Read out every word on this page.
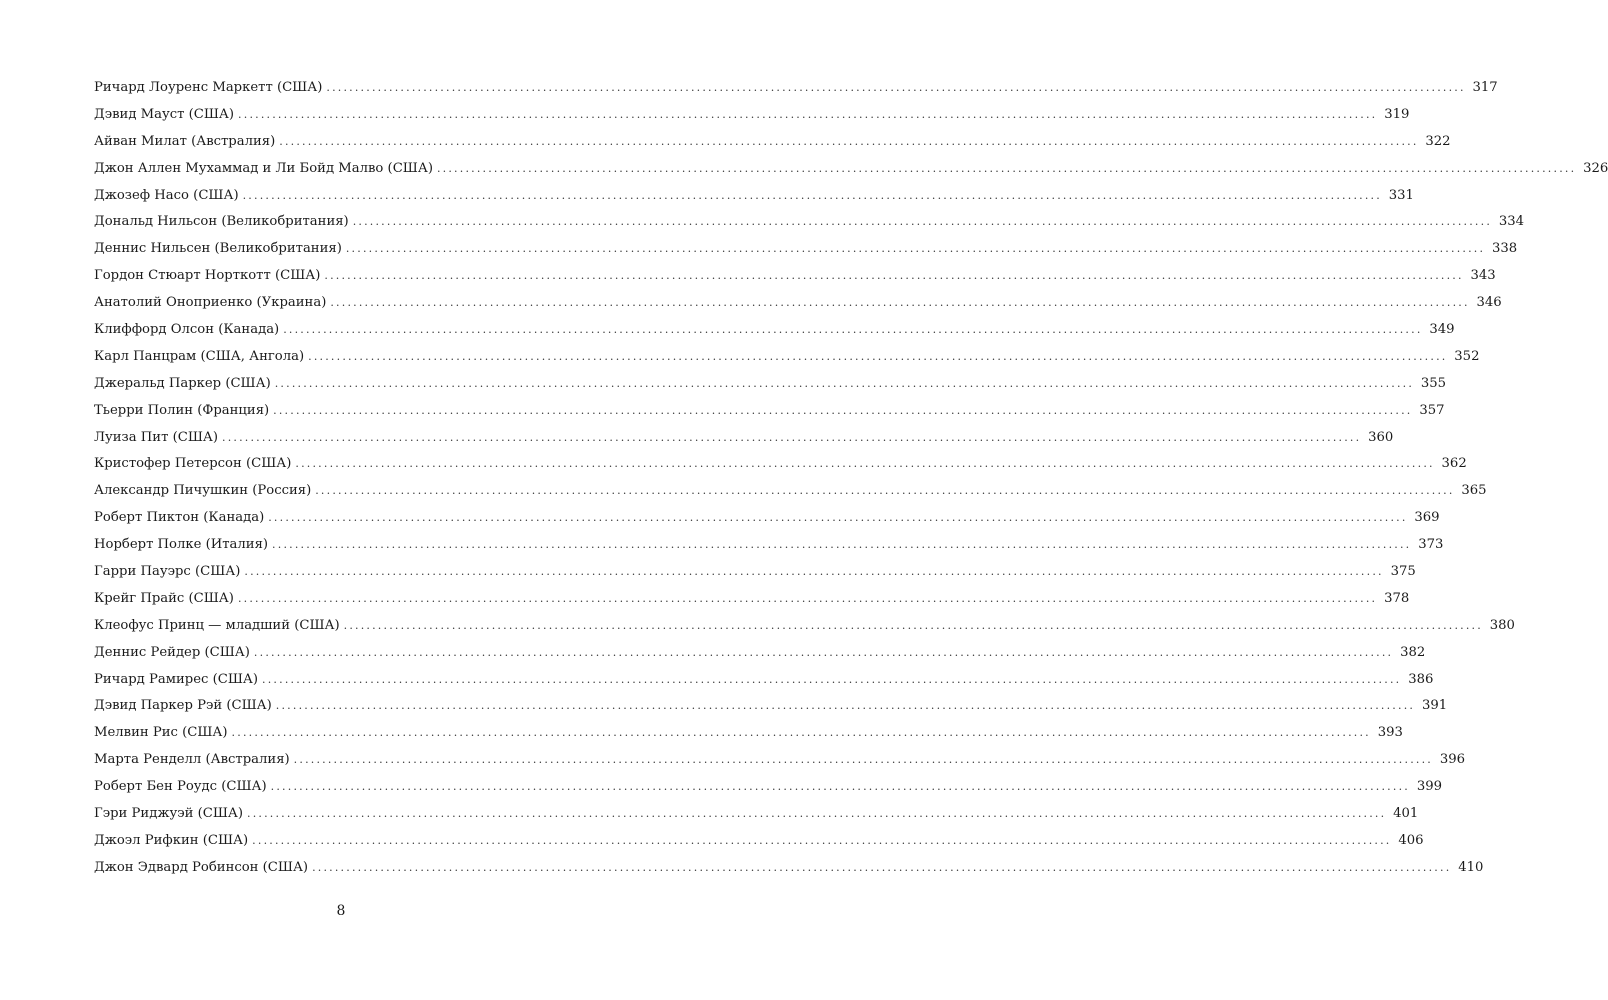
Ричард Лоуренс Маркетт (США) ........................................................................................................................................................................................................ 317
Дэвид Мауст (США) ........................................................................................................................................................................................................ 319
Айван Милат (Австралия) ........................................................................................................................................................................................................ 322
Джон Аллен Мухаммад и Ли Бойд Малво (США) ........................................................................................................................................................................................................ 326
Джозеф Насо (США) ........................................................................................................................................................................................................ 331
Дональд Нильсон (Великобритания) ........................................................................................................................................................................................................ 334
Деннис Нильсен (Великобритания) ........................................................................................................................................................................................................ 338
Гордон Стюарт Норткотт (США) ........................................................................................................................................................................................................ 343
Анатолий Оноприенко (Украина) ........................................................................................................................................................................................................ 346
Клиффорд Олсон (Канада) ........................................................................................................................................................................................................ 349
Карл Панцрам (США, Ангола) ........................................................................................................................................................................................................ 352
Джеральд Паркер (США) ........................................................................................................................................................................................................ 355
Тьерри Полин (Франция) ........................................................................................................................................................................................................ 357
Луиза Пит (США) ........................................................................................................................................................................................................ 360
Кристофер Петерсон (США) ........................................................................................................................................................................................................ 362
Александр Пичушкин (Россия) ........................................................................................................................................................................................................ 365
Роберт Пиктон (Канада) ........................................................................................................................................................................................................ 369
Норберт Полке (Италия) ........................................................................................................................................................................................................ 373
Гарри Пауэрс (США) ........................................................................................................................................................................................................ 375
Крейг Прайс (США) ........................................................................................................................................................................................................ 378
Клеофус Принц — младший (США) ........................................................................................................................................................................................................ 380
Деннис Рейдер (США) ........................................................................................................................................................................................................ 382
Ричард Рамирес (США) ........................................................................................................................................................................................................ 386
Дэвид Паркер Рэй (США) ........................................................................................................................................................................................................ 391
Мелвин Рис (США) ........................................................................................................................................................................................................ 393
Марта Ренделл (Австралия) ........................................................................................................................................................................................................ 396
Роберт Бен Роудс (США) ........................................................................................................................................................................................................ 399
Гэри Риджуэй (США) ........................................................................................................................................................................................................ 401
Джоэл Рифкин (США) ........................................................................................................................................................................................................ 406
Джон Эдвард Робинсон (США) ........................................................................................................................................................................................................ 410
8
